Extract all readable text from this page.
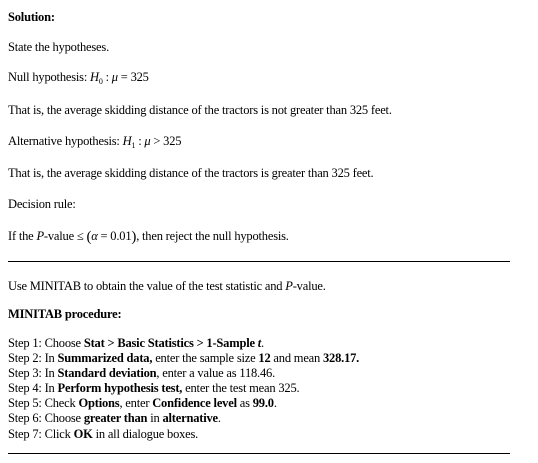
Solution:
State the hypotheses.
Null hypothesis: $H_0$ : μ = 325
That is, the average skidding distance of the tractors is not greater than 325 feet.
Alternative hypothesis: $H_1$ : μ > 325
That is, the average skidding distance of the tractors is greater than 325 feet.
Decision rule:
If the P-value ≤ (α = 0.01), then reject the null hypothesis.
Use MINITAB to obtain the value of the test statistic and P-value.
MINITAB procedure:
Step 1: Choose Stat > Basic Statistics > 1-Sample t.
Step 2: In Summarized data, enter the sample size 12 and mean 328.17.
Step 3: In Standard deviation, enter a value as 118.46.
Step 4: In Perform hypothesis test, enter the test mean 325.
Step 5: Check Options, enter Confidence level as 99.0.
Step 6: Choose greater than in alternative.
Step 7: Click OK in all dialogue boxes.
